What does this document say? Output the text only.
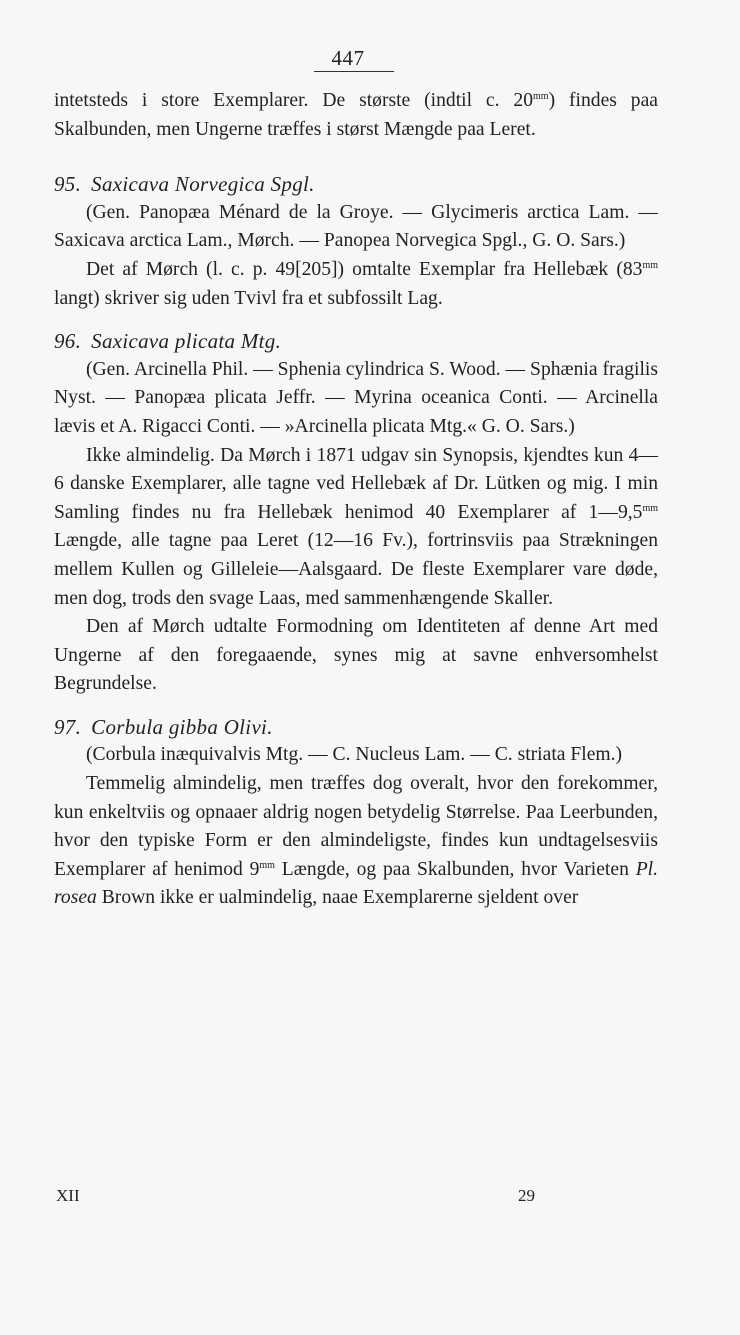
447

intetsteds i store Exemplarer. De største (indtil c. $20^{mm}$) findes paa Skalbunden, men Ungerne træffes i størst Mængde paa Leret.

95. Saxicava Norvegica Spgl.

(Gen. Panopæa Ménard de la Groye. — Glycimeris arctica Lam. — Saxicava arctica Lam., Mørch. — Panopea Norvegica Spgl., G. O. Sars.)

Det af Mørch (l. c. p. 49[205]) omtalte Exemplar fra Hellebæk ($83^{mm}$ langt) skriver sig uden Tvivl fra et subfossilt Lag.

96. Saxicava plicata Mtg.

(Gen. Arcinella Phil. — Sphenia cylindrica S. Wood. — Sphænia fragilis Nyst. — Panopæa plicata Jeffr. — Myrina oceanica Conti. — Arcinella lævis et A. Rigacci Conti. — »Arcinella plicata Mtg.« G. O. Sars.)

Ikke almindelig. Da Mørch i 1871 udgav sin Synopsis, kjendtes kun 4—6 danske Exemplarer, alle tagne ved Hellebæk af Dr. Lütken og mig. I min Samling findes nu fra Hellebæk henimod 40 Exemplarer af $1—9,5^{mm}$ Længde, alle tagne paa Leret (12—16 Fv.), fortrinsviis paa Strækningen mellem Kullen og Gilleleie—Aalsgaard. De fleste Exemplarer vare døde, men dog, trods den svage Laas, med sammenhængende Skaller.

Den af Mørch udtalte Formodning om Identiteten af denne Art med Ungerne af den foregaaende, synes mig at savne enhversomhelst Begrundelse.

97. Corbula gibba Olivi.

(Corbula inæquivalvis Mtg. — C. Nucleus Lam. — C. striata Flem.)

Temmelig almindelig, men træffes dog overalt, hvor den forekommer, kun enkeltviis og opnaaer aldrig nogen betydelig Størrelse. Paa Leerbunden, hvor den typiske Form er den almindeligste, findes kun undtagelsesviis Exemplarer af henimod $9^{mm}$ Længde, og paa Skalbunden, hvor Varieten Pl. rosea Brown ikke er ualmindelig, naae Exemplarerne sjeldent over

XII	29
